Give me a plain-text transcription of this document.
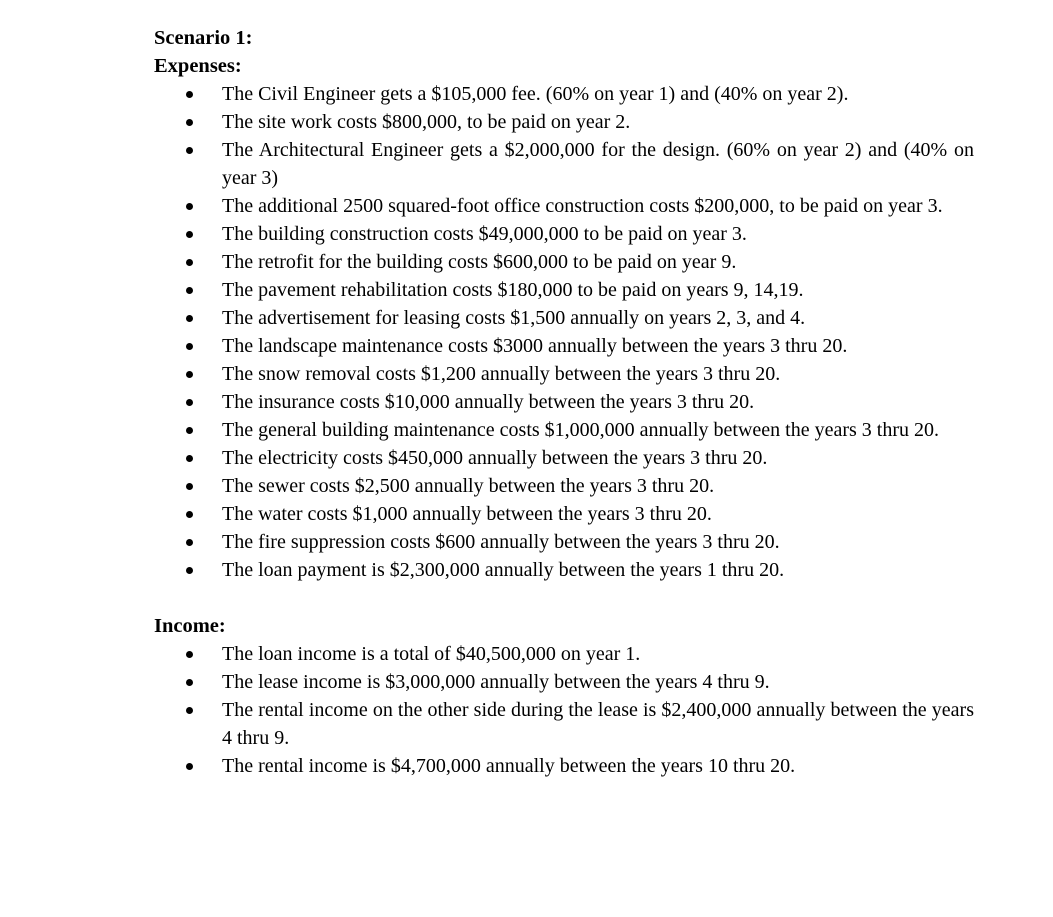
Scenario 1:

Expenses:

The Civil Engineer gets a $105,000 fee. (60% on year 1) and (40% on year 2).
The site work costs $800,000, to be paid on year 2.
The Architectural Engineer gets a $2,000,000 for the design. (60% on year 2) and (40% on year 3)
The additional 2500 squared-foot office construction costs $200,000, to be paid on year 3.
The building construction costs $49,000,000 to be paid on year 3.
The retrofit for the building costs $600,000 to be paid on year 9.
The pavement rehabilitation costs $180,000 to be paid on years 9, 14,19.
The advertisement for leasing costs $1,500 annually on years 2, 3, and 4.
The landscape maintenance costs $3000 annually between the years 3 thru 20.
The snow removal costs $1,200 annually between the years 3 thru 20.
The insurance costs $10,000 annually between the years 3 thru 20.
The general building maintenance costs $1,000,000 annually between the years 3 thru 20.
The electricity costs $450,000 annually between the years 3 thru 20.
The sewer costs $2,500 annually between the years 3 thru 20.
The water costs $1,000 annually between the years 3 thru 20.
The fire suppression costs $600 annually between the years 3 thru 20.
The loan payment is $2,300,000 annually between the years 1 thru 20.

Income:

The loan income is a total of $40,500,000 on year 1.
The lease income is $3,000,000 annually between the years 4 thru 9.
The rental income on the other side during the lease is $2,400,000 annually between the years 4 thru 9.
The rental income is $4,700,000 annually between the years 10 thru 20.
